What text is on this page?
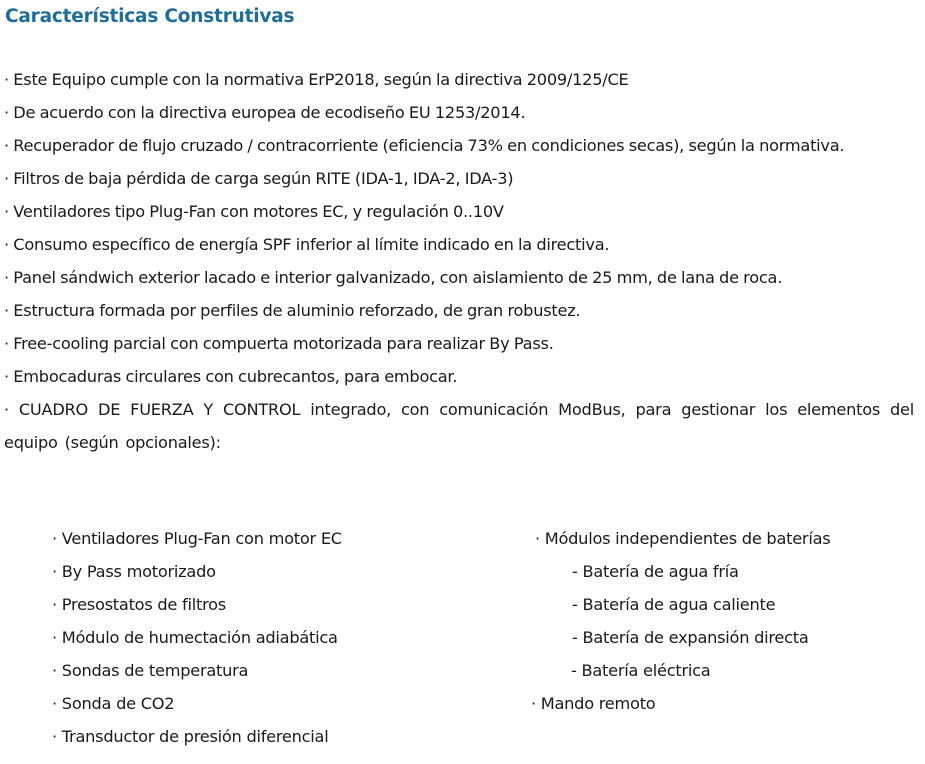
Características Construtivas
· Este Equipo cumple con la normativa ErP2018, según la directiva 2009/125/CE
· De acuerdo con la directiva europea de ecodiseño EU 1253/2014.
· Recuperador de flujo cruzado / contracorriente (eficiencia 73% en condiciones secas), según la normativa.
· Filtros de baja pérdida de carga según RITE (IDA-1, IDA-2, IDA-3)
· Ventiladores tipo Plug-Fan con motores EC, y regulación 0..10V
· Consumo específico de energía SPF inferior al límite indicado en la directiva.
· Panel sándwich exterior lacado e interior galvanizado, con aislamiento de 25 mm, de lana de roca.
· Estructura formada por perfiles de aluminio reforzado, de gran robustez.
· Free-cooling parcial con compuerta motorizada para realizar By Pass.
· Embocaduras circulares con cubrecantos, para embocar.
· CUADRO DE FUERZA Y CONTROL integrado, con comunicación ModBus, para gestionar los elementos del equipo (según opcionales):
· Ventiladores Plug-Fan con motor EC
· By Pass motorizado
· Presostatos de filtros
· Módulo de humectación adiabática
· Sondas de temperatura
· Sonda de CO2
· Transductor de presión diferencial
· Módulos independientes de baterías
- Batería de agua fría
- Batería de agua caliente
- Batería de expansión directa
- Batería eléctrica
· Mando remoto
